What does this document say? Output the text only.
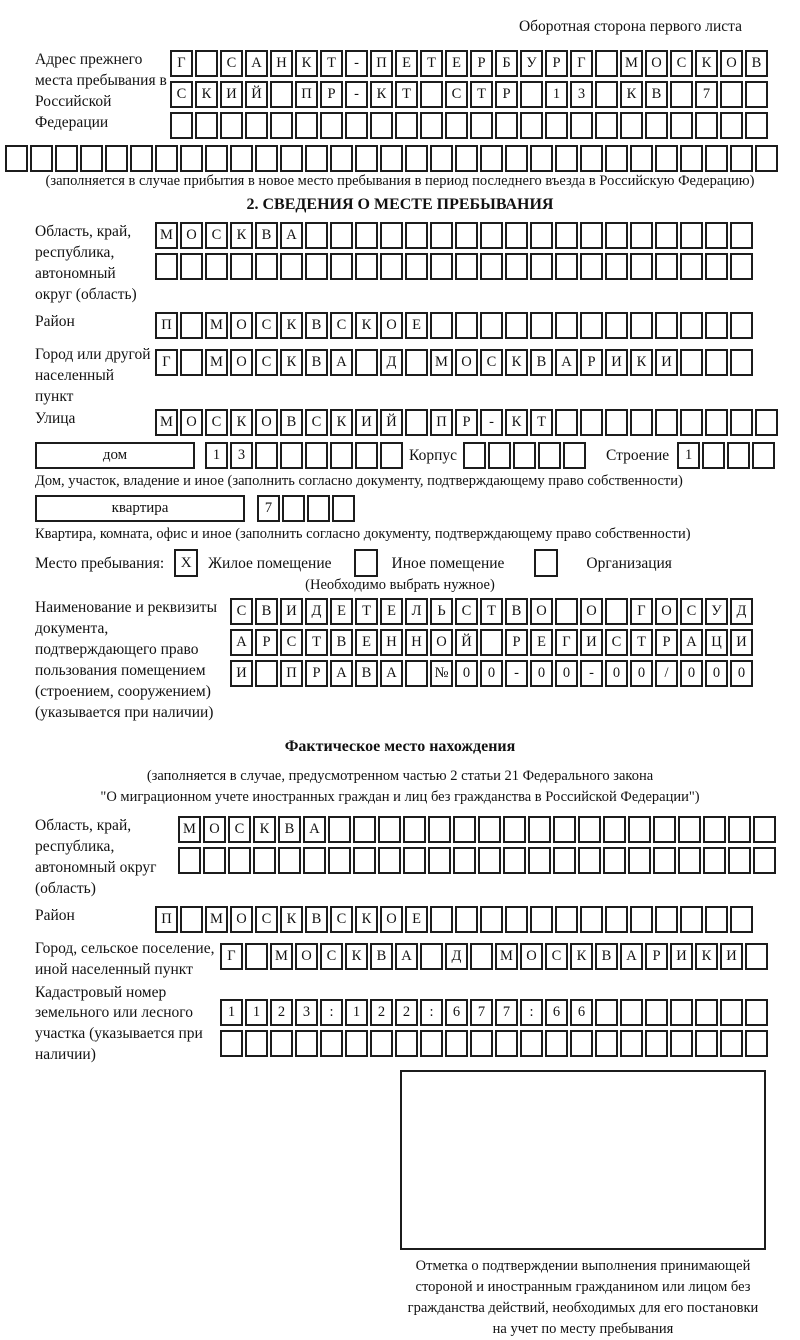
Оборотная сторона первого листа
Адрес прежнего места пребывания в Российской Федерации
Г	С А Н К Т - П Е Т Е Р Б У Р Г	М О С К О В
С К И Й	П Р - К Т	С Т Р	1 3	К В	7
(заполняется в случае прибытия в новое место пребывания в период последнего въезда в Российскую Федерацию)
2. СВЕДЕНИЯ О МЕСТЕ ПРЕБЫВАНИЯ
Область, край, республика, автономный округ (область)
М О С К В А
Район	П	М О С К В С К О Е
Город или другой населенный пункт
Г	М О С К В А	Д	М О С К В А Р И К И
Улица	М О С К О В С К И Й	П Р - К Т
дом	1 3	Корпус	Строение	1
Дом, участок, владение и иное (заполнить согласно документу, подтверждающему право собственности)
квартира	7
Квартира, комната, офис и иное (заполнить согласно документу, подтверждающему право собственности)
Место пребывания:	X	Жилое помещение	Иное помещение	Организация
(Необходимо выбрать нужное)
Наименование и реквизиты документа, подтверждающего право пользования помещением (строением, сооружением) (указывается при наличии)
С В И Д Е Т Е Л Ь С Т В О	О	Г О С У Д
А Р С Т В Е Н Н О Й	Р Е Г И С Т Р А Ц И
И	П Р А В А	№ 0 0 - 0 0 - 0 0 / 0 0 0
Фактическое место нахождения
(заполняется в случае, предусмотренном частью 2 статьи 21 Федерального закона
"О миграционном учете иностранных граждан и лиц без гражданства в Российской Федерации")
Область, край, республика, автономный округ (область)
М О С К В А
Район	П	М О С К В С К О Е
Город, сельское поселение, иной населенный пункт
Г	М О С К В А	Д	М О С К В А Р И К И
Кадастровый номер земельного или лесного участка (указывается при наличии)
1 1 2 3 : 1 2 2 : 6 7 7 : 6 6
Отметка о подтверждении выполнения принимающей стороной и иностранным гражданином или лицом без гражданства действий, необходимых для его постановки на учет по месту пребывания
